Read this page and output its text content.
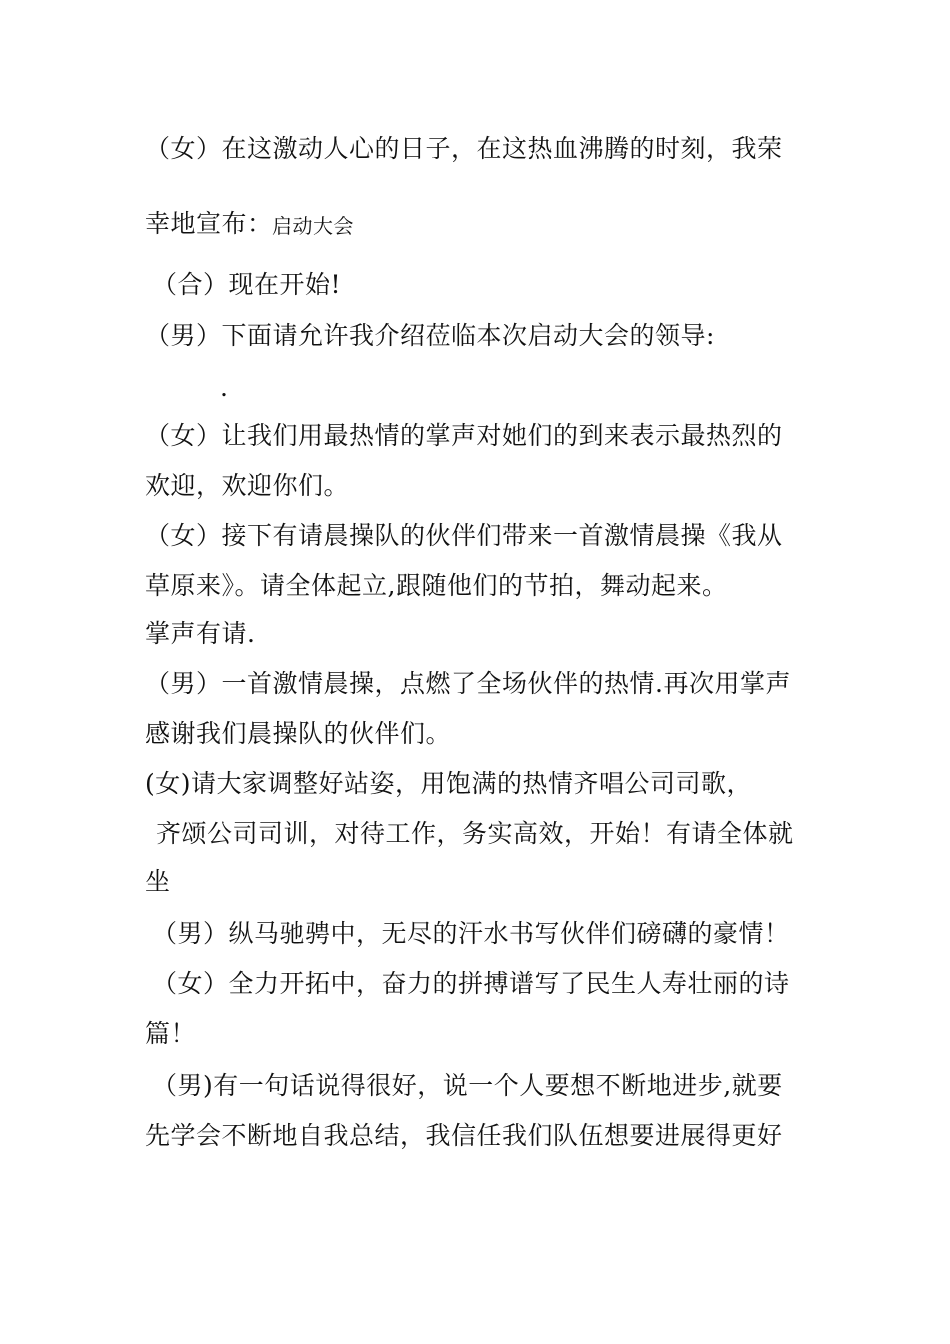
（女）在这激动人心的日子，在这热血沸腾的时刻，我荣
幸地宣布： 启动大会
（合）现在开始!
（男）下面请允许我介绍莅临本次启动大会的领导:
.
（女）让我们用最热情的掌声对她们的到来表示最热烈的
欢迎，欢迎你们。
（女）接下有请晨操队的伙伴们带来一首激情晨操《我从
草原来》。请全体起立,跟随他们的节拍，舞动起来。
掌声有请.
（男）一首激情晨操，点燃了全场伙伴的热情.再次用掌声
感谢我们晨操队的伙伴们。
(女)请大家调整好站姿，用饱满的热情齐唱公司司歌，
齐颂公司司训，对待工作，务实高效，开始！有请全体就
坐
（男）纵马驰骋中，无尽的汗水书写伙伴们磅礴的豪情！
（女）全力开拓中，奋力的拼搏谱写了民生人寿壮丽的诗
篇！
（男)有一句话说得很好，说一个人要想不断地进步,就要
先学会不断地自我总结，我信任我们队伍想要进展得更好
